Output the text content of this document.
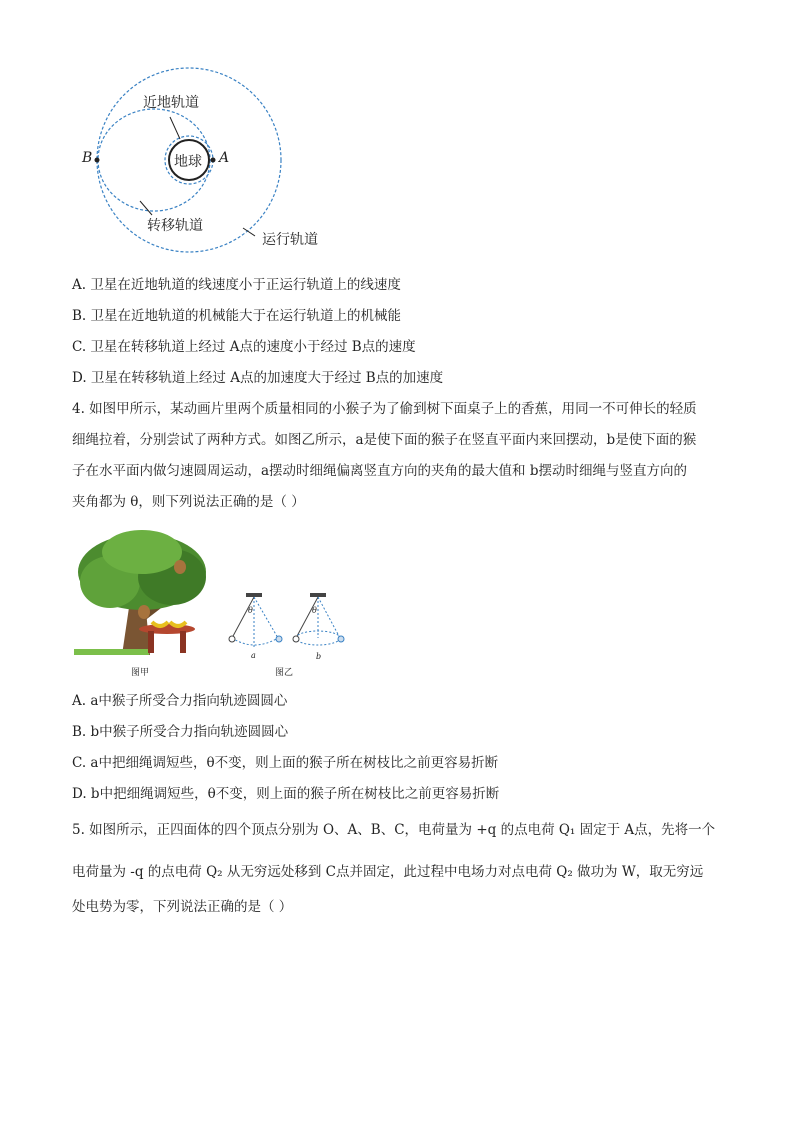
近地轨道
地球
转移轨道
运行轨道
A
B
A. 卫星在近地轨道的线速度小于正运行轨道上的线速度
B. 卫星在近地轨道的机械能大于在运行轨道上的机械能
C. 卫星在转移轨道上经过 A点的速度小于经过 B点的速度
D. 卫星在转移轨道上经过 A点的加速度大于经过 B点的加速度
4. 如图甲所示，某动画片里两个质量相同的小猴子为了偷到树下面桌子上的香蕉，用同一不可伸长的轻质
细绳拉着，分别尝试了两种方式。如图乙所示，a是使下面的猴子在竖直平面内来回摆动，b是使下面的猴
子在水平面内做匀速圆周运动，a摆动时细绳偏离竖直方向的夹角的最大值和 b摆动时细绳与竖直方向的
夹角都为 θ，则下列说法正确的是（ ）
θ	θ
a	b
图甲	图乙
A. a中猴子所受合力指向轨迹圆圆心
B. b中猴子所受合力指向轨迹圆圆心
C. a中把细绳调短些，θ不变，则上面的猴子所在树枝比之前更容易折断
D. b中把细绳调短些，θ不变，则上面的猴子所在树枝比之前更容易折断
5. 如图所示，正四面体的四个顶点分别为 O、A、B、C，电荷量为 +q 的点电荷 Q₁ 固定于 A点，先将一个
电荷量为 -q 的点电荷 Q₂ 从无穷远处移到 C点并固定，此过程中电场力对点电荷 Q₂ 做功为 W，取无穷远
处电势为零，下列说法正确的是（ ）
